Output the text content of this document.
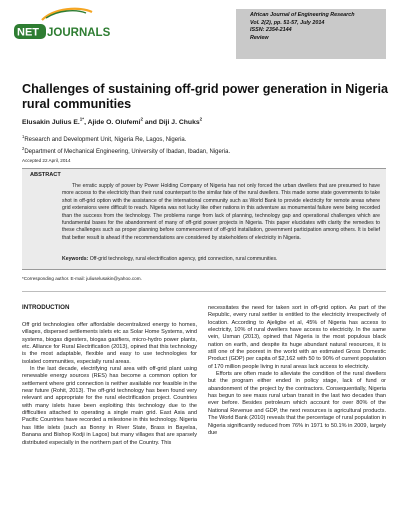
NET JOURNALS
African Journal of Engineering Research
Vol. 2(2), pp. 51-57, July 2014
ISSN: 2354-2144
Review
Challenges of sustaining off-grid power generation in Nigeria rural communities
Elusakin Julius E.$^{1*}$, Ajide O. Olufemi$^2$ and Diji J. Chuks$^2$
$^1$Research and Development Unit, Nigeria Re, Lagos, Nigeria.
$^2$Department of Mechanical Engineering, University of Ibadan, Ibadan, Nigeria.
Accepted 22 April, 2014
ABSTRACT
The erratic supply of power by Power Holding Company of Nigeria has not only forced the urban dwellers that are presumed to have more access to the electricity than their rural counterpart to the similar fate of the rural dwellers. This made some state governments to take shot in off-grid option with the assistance of the international community such as World Bank to provide electricity for remote areas where grid extensions were difficult to reach. Nigeria was not lucky like other nations in this adventure as monumental failure were being recorded than the success from the technology. The problems range from lack of planning, technology gap and operational challenges which are fundamental bases for the abandonment of many of off-grid power projects in Nigeria. This paper elucidates with clarity the remedies to these challenges such as proper planning before commencement of off-grid installation, government participation among others. It is belief that better result is ahead if the recommendations are considered by stakeholders of electricity in Nigeria.
Keywords: Off-grid technology, rural electrification agency, grid connection, rural communities.
*Corresponding author. E-mail: juliuselusakin@yahoo.com.
INTRODUCTION

Off grid technologies offer affordable decentralized energy to homes, villages, dispersed settlements islets etc as Solar Home Systems, wind systems, biogas digesters, biogas gasifiers, micro-hydro power plants, etc. Alliance for Rural Electrification (2013), opined that this technology is the most adaptable, flexible and easy to use technologies for isolated communities, especially rural areas.

In the last decade, electrifying rural area with off-grid plant using renewable energy sources (RES) has become a common option for settlement where grid connection is neither available nor feasible in the near future (Rohit, 2013). The off-grid technology has been found very relevant and appropriate for the rural electrification project. Countries with many islets have been exploiting this technology due to the difficulties attached to operating a single main grid. East Asia and Pacific Countries have recorded a milestone in this technology. Nigeria has little islets (such as Bonny in River State, Brass in Bayelsa, Banana and Bishop Kodji in Lagos) but many villages that are sparsely distributed especially in the northern part of the Country. This

necessitates the need for taken sort in off-grid option. As part of the Republic, every rural settler is entitled to the electricity irrespectively of location. According to Ajeligbe et al, 45% of Nigeria has access to electricity, 10% of rural dwellers have access to electricity. In the same vein, Usman (2013), opined that Nigeria is the most populous black nation on earth, and despite its huge abundant natural resources, it is still one of the poorest in the world with an estimated Gross Domestic Product (GDP) per capita of $2,162 with 50 to 90% of current population of 170 million people living in rural areas lack access to electricity.

Efforts are often made to alleviate the condition of the rural dwellers but the program either ended in policy stage, lack of fund or abandonment of the project by the contractors. Consequentially, Nigeria has begun to see mass rural urban transit in the last two decades than ever before. Besides petroleum which account for over 80% of the National Revenue and GDP, the next resources is agricultural products. The World Bank (2010) reveals that the percentage of rural population in Nigeria significantly reduced from 76% in 1971 to 50.1% in 2009, largely due
